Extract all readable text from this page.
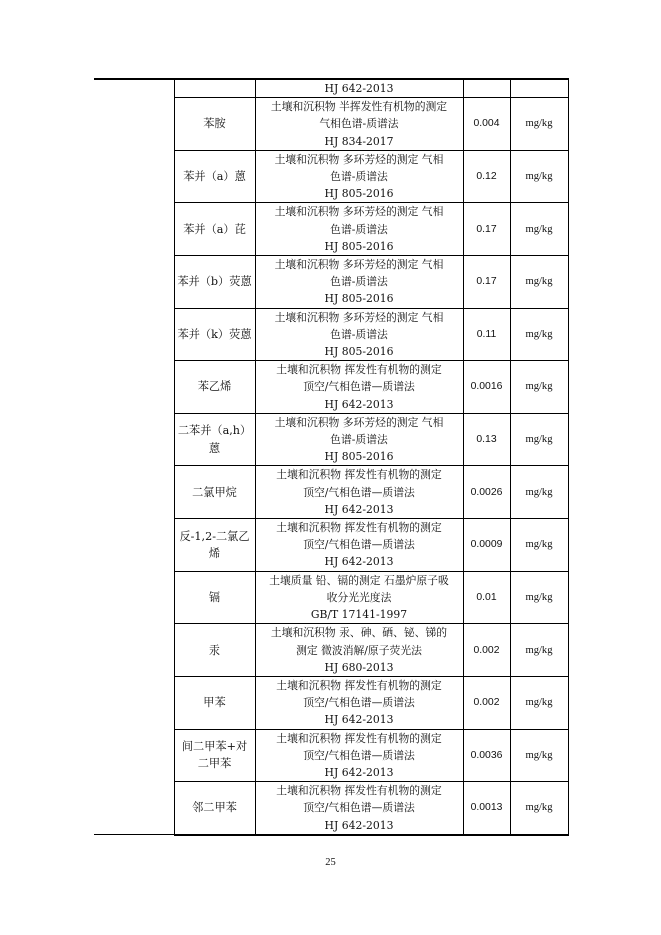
		HJ 642-2013		

	苯胺	土壤和沉积物 半挥发性有机物的测定
气相色谱-质谱法
HJ 834-2017	0.004	mg/kg
	苯并（a）蒽	土壤和沉积物 多环芳烃的测定 气相
色谱-质谱法
HJ 805-2016	0.12	mg/kg
	苯并（a）芘	土壤和沉积物 多环芳烃的测定 气相
色谱-质谱法
HJ 805-2016	0.17	mg/kg
	苯并（b）荧蒽	土壤和沉积物 多环芳烃的测定 气相
色谱-质谱法
HJ 805-2016	0.17	mg/kg
	苯并（k）荧蒽	土壤和沉积物 多环芳烃的测定 气相
色谱-质谱法
HJ 805-2016	0.11	mg/kg
	苯乙烯	土壤和沉积物 挥发性有机物的测定
顶空/气相色谱—质谱法
HJ 642-2013	0.0016	mg/kg
	二苯并（a,h）蒽	土壤和沉积物 多环芳烃的测定 气相
色谱-质谱法
HJ 805-2016	0.13	mg/kg
	二氯甲烷	土壤和沉积物 挥发性有机物的测定
顶空/气相色谱—质谱法
HJ 642-2013	0.0026	mg/kg
	反-1,2-二氯乙烯	土壤和沉积物 挥发性有机物的测定
顶空/气相色谱—质谱法
HJ 642-2013	0.0009	mg/kg
	镉	土壤质量 铅、镉的测定 石墨炉原子吸
收分光光度法
GB/T 17141-1997	0.01	mg/kg
	汞	土壤和沉积物 汞、砷、硒、铋、锑的
测定 微波消解/原子荧光法
HJ 680-2013	0.002	mg/kg
	甲苯	土壤和沉积物 挥发性有机物的测定
顶空/气相色谱—质谱法
HJ 642-2013	0.002	mg/kg
	间二甲苯+对二甲苯	土壤和沉积物 挥发性有机物的测定
顶空/气相色谱—质谱法
HJ 642-2013	0.0036	mg/kg
	邻二甲苯	土壤和沉积物 挥发性有机物的测定
顶空/气相色谱—质谱法
HJ 642-2013	0.0013	mg/kg
25
